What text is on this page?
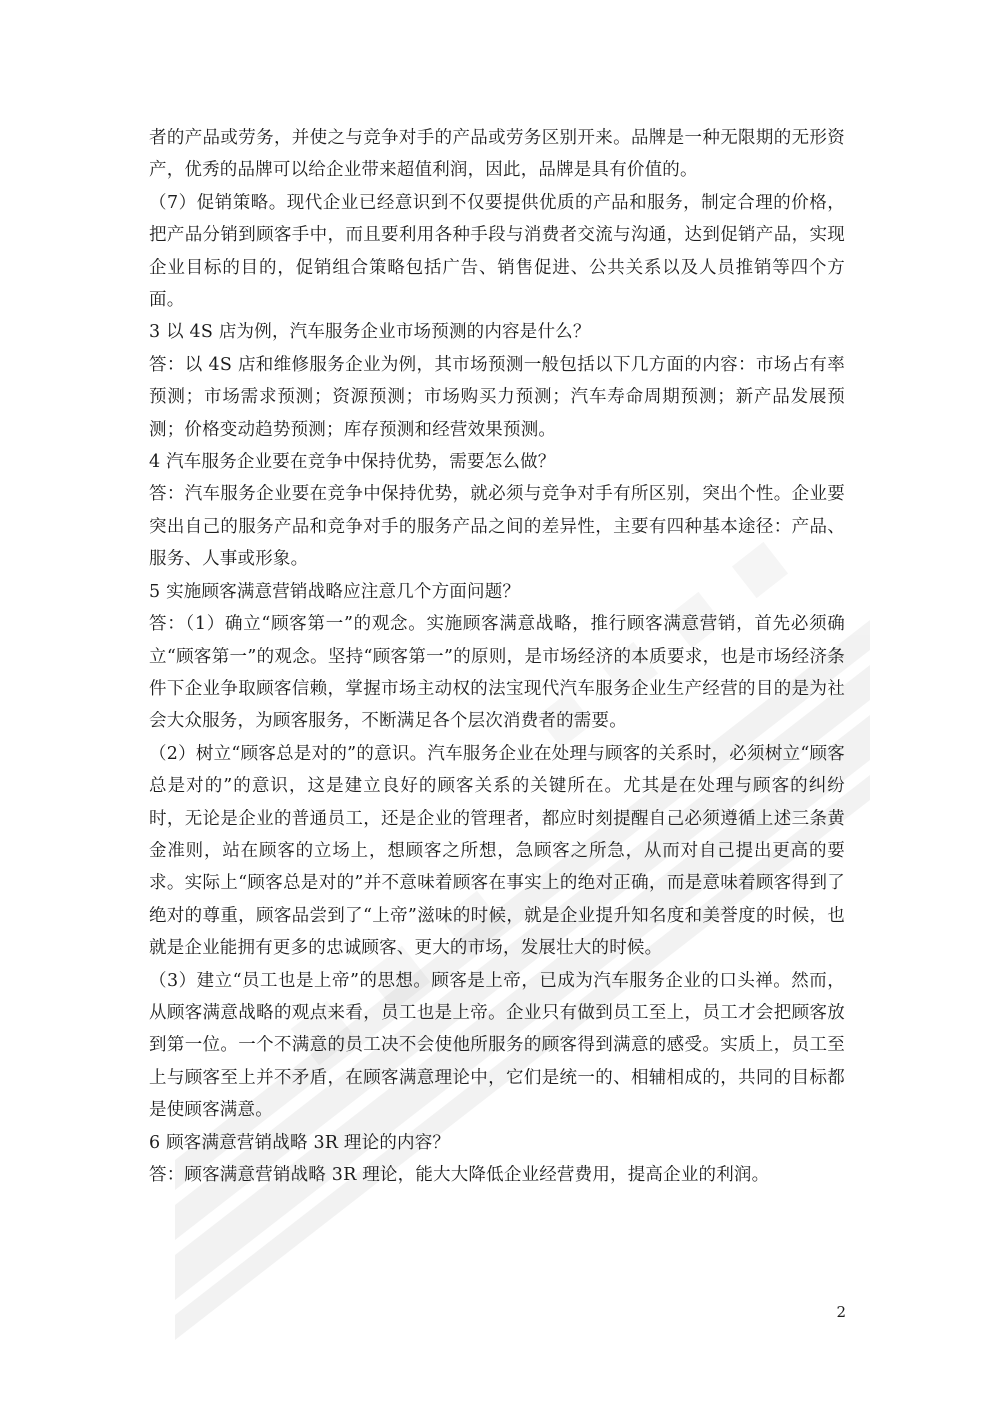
者的产品或劳务，并使之与竞争对手的产品或劳务区别开来。品牌是一种无限期的无形资产，优秀的品牌可以给企业带来超值利润，因此，品牌是具有价值的。

（7）促销策略。现代企业已经意识到不仅要提供优质的产品和服务，制定合理的价格，把产品分销到顾客手中，而且要利用各种手段与消费者交流与沟通，达到促销产品，实现企业目标的目的，促销组合策略包括广告、销售促进、公共关系以及人员推销等四个方面。

3 以 4S 店为例，汽车服务企业市场预测的内容是什么？

答：以 4S 店和维修服务企业为例，其市场预测一般包括以下几方面的内容：市场占有率预测；市场需求预测；资源预测；市场购买力预测；汽车寿命周期预测；新产品发展预测；价格变动趋势预测；库存预测和经营效果预测。

4 汽车服务企业要在竞争中保持优势，需要怎么做？

答：汽车服务企业要在竞争中保持优势，就必须与竞争对手有所区别，突出个性。企业要突出自己的服务产品和竞争对手的服务产品之间的差异性，主要有四种基本途径：产品、服务、人事或形象。

5 实施顾客满意营销战略应注意几个方面问题？

答：（1）确立“顾客第一”的观念。实施顾客满意战略，推行顾客满意营销，首先必须确立“顾客第一”的观念。坚持“顾客第一”的原则，是市场经济的本质要求，也是市场经济条件下企业争取顾客信赖，掌握市场主动权的法宝现代汽车服务企业生产经营的目的是为社会大众服务，为顾客服务，不断满足各个层次消费者的需要。

（2）树立“顾客总是对的”的意识。汽车服务企业在处理与顾客的关系时，必须树立“顾客总是对的”的意识，这是建立良好的顾客关系的关键所在。尤其是在处理与顾客的纠纷时，无论是企业的普通员工，还是企业的管理者，都应时刻提醒自己必须遵循上述三条黄金准则，站在顾客的立场上，想顾客之所想，急顾客之所急，从而对自己提出更高的要求。实际上“顾客总是对的”并不意味着顾客在事实上的绝对正确，而是意味着顾客得到了绝对的尊重，顾客品尝到了“上帝”滋味的时候，就是企业提升知名度和美誉度的时候，也就是企业能拥有更多的忠诚顾客、更大的市场，发展壮大的时候。

（3）建立“员工也是上帝”的思想。顾客是上帝，已成为汽车服务企业的口头禅。然而，从顾客满意战略的观点来看，员工也是上帝。企业只有做到员工至上，员工才会把顾客放到第一位。一个不满意的员工决不会使他所服务的顾客得到满意的感受。实质上，员工至上与顾客至上并不矛盾，在顾客满意理论中，它们是统一的、相辅相成的，共同的目标都是使顾客满意。

6 顾客满意营销战略 3R 理论的内容？

答：顾客满意营销战略 3R 理论，能大大降低企业经营费用，提高企业的利润。

2
